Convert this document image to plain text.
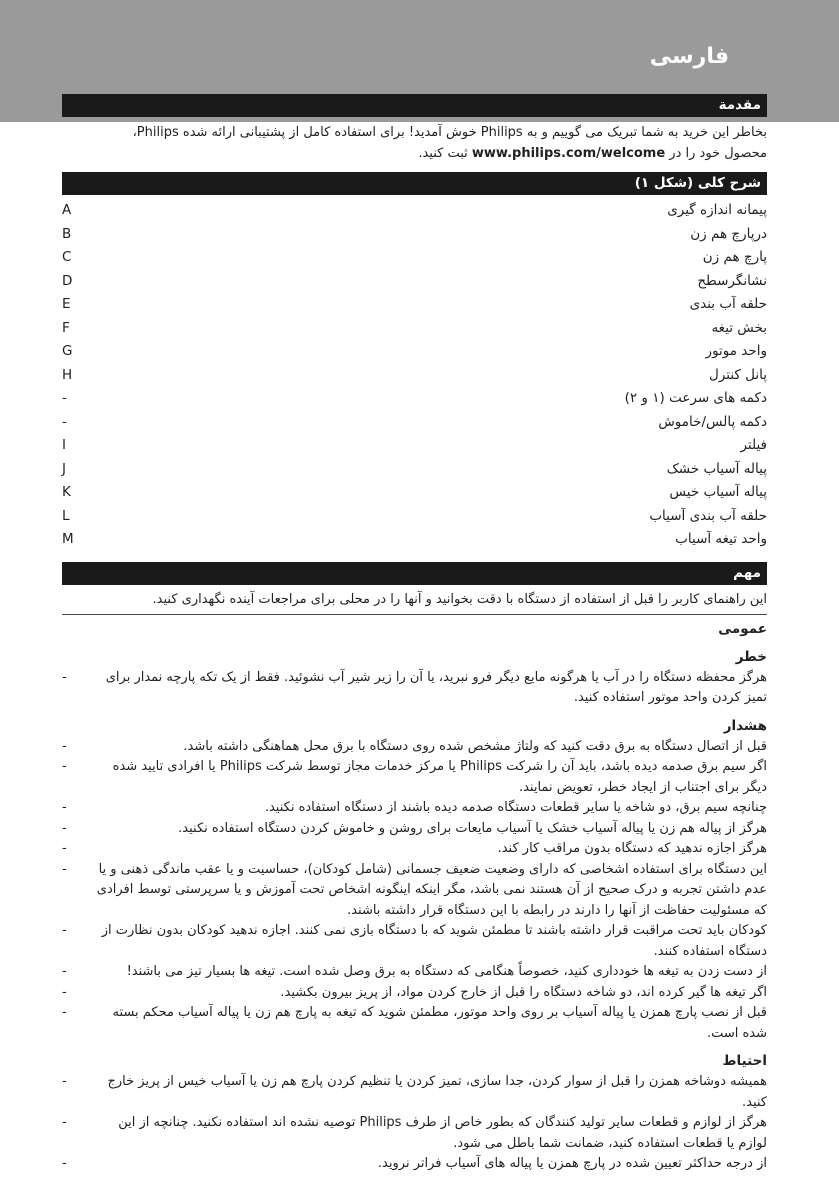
فارسی
مقدمة

بخاطر این خرید به شما تبریک می گوییم و به Philips خوش آمدید! برای استفاده کامل از پشتیبانی ارائه شده Philips،

محصول خود را در www.philips.com/welcome ثبت کنید.

شرح کلی (شکل ۱)
پیمانه اندازه گیری
A
درپارچ هم زن
B
پارچ هم زن
C
نشانگرسطح
D
حلقه آب بندی
E
بخش تیغه
F
واحد موتور
G
پانل کنترل
H
دکمه های سرعت (۱ و ۲)
-
دکمه پالس/خاموش
-
فیلتر
I
پیاله آسیاب خشک
J
پیاله آسیاب خیس
K
حلقه آب بندی آسیاب
L
واحد تیغه آسیاب
M
مهم

این راهنمای کاربر را قبل از استفاده از دستگاه با دقت بخوانید و آنها را در محلی برای مراجعات آینده نگهداری کنید.

عمومی
خطر
-	هرگز محفظه دستگاه را در آب یا هرگونه مایع دیگر فرو نبرید، یا آن را زیر شیر آب نشوئید. فقط از یک تکه پارچه نمدار برای تمیز کردن واحد موتور استفاده کنید.
هشدار
-	قبل از اتصال دستگاه به برق دقت کنید که ولتاژ مشخص شده روی دستگاه با برق محل هماهنگی داشته باشد.
-	اگر سیم برق صدمه دیده باشد، باید آن را شرکت Philips یا مرکز خدمات مجاز توسط شرکت Philips یا افرادی تایید شده دیگر برای اجتناب از ایجاد خطر، تعویض نمایند.
-	چنانچه سیم برق، دو شاخه یا سایر قطعات دستگاه صدمه دیده باشند از دستگاه استفاده نکنید.
-	هرگز از پیاله هم زن یا پیاله آسیاب خشک یا آسیاب مایعات برای روشن و خاموش کردن دستگاه استفاده نکنید.
-	هرگز اجازه ندهید که دستگاه بدون مراقب کار کند.
-	این دستگاه برای استفاده اشخاصی که دارای وضعیت ضعیف جسمانی (شامل کودکان)، حساسیت و یا عقب ماندگی ذهنی و یا عدم داشتن تجربه و درک صحیح از آن هستند نمی باشد، مگر اینکه اینگونه اشخاص تحت آموزش و یا سرپرستی توسط افرادی که مسئولیت حفاظت از آنها را دارند در رابطه با این دستگاه قرار داشته باشند.
-	کودکان باید تحت مراقبت قرار داشته باشند تا مطمئن شوید که با دستگاه بازی نمی کنند. اجازه ندهید کودکان بدون نظارت از دستگاه استفاده کنند.
-	از دست زدن به تیغه ها خودداری کنید، خصوصاً هنگامی که دستگاه به برق وصل شده است. تیغه ها بسیار تیز می باشند!
-	اگر تیغه ها گیر کرده اند، دو شاخه دستگاه را قبل از خارج کردن مواد، از پریز بیرون بکشید.
-	قبل از نصب پارچ همزن یا پیاله آسیاب بر روی واحد موتور، مطمئن شوید که تیغه به پارچ هم زن یا پیاله آسیاب محکم بسته شده است.
احتیاط
-	همیشه دوشاخه همزن را قبل از سوار کردن، جدا سازی، تمیز کردن یا تنظیم کردن پارچ هم زن یا آسیاب خیس از پریز خارج کنید.
-	هرگز از لوازم و قطعات سایر تولید کنندگان که بطور خاص از طرف Philips توصیه نشده اند استفاده نکنید. چنانچه از این لوازم یا قطعات استفاده کنید، ضمانت شما باطل می شود.
-	از درجه حداکثر تعیین شده در پارچ همزن یا پیاله های آسیاب فراتر نروید.
